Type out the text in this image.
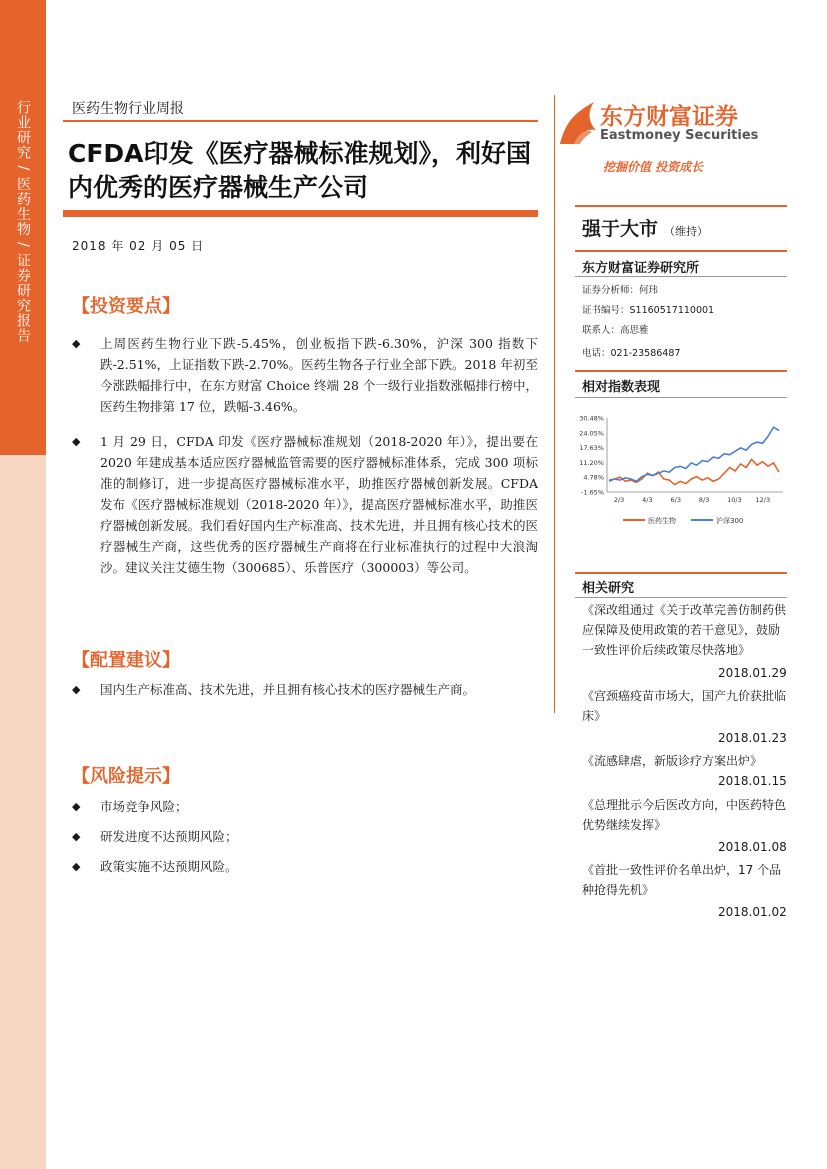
行业研究 / 医药生物 / 证券研究报告	医药生物行业周报
CFDA印发《医疗器械标准规划》，利好国内优秀的医疗器械生产公司
2018 年 02 月 05 日
东方财富证券
Eastmoney Securities
挖掘价值 投资成长
【投资要点】
◆ 上周医药生物行业下跌-5.45%，创业板指下跌-6.30%，沪深 300 指数下跌-2.51%，上证指数下跌-2.70%。医药生物各子行业全部下跌。2018 年初至今涨跌幅排行中，在东方财富 Choice 终端 28 个一级行业指数涨幅排行榜中，医药生物排第 17 位，跌幅-3.46%。
◆ 1 月 29 日，CFDA 印发《医疗器械标准规划（2018-2020 年）》，提出要在 2020 年建成基本适应医疗器械监管需要的医疗器械标准体系，完成 300 项标准的制修订，进一步提高医疗器械标准水平，助推医疗器械创新发展。CFDA 发布《医疗器械标准规划（2018-2020 年）》，提高医疗器械标准水平，助推医疗器械创新发展。我们看好国内生产标准高、技术先进，并且拥有核心技术的医疗器械生产商，这些优秀的医疗器械生产商将在行业标准执行的过程中大浪淘沙。建议关注艾德生物（300685）、乐普医疗（300003）等公司。
【配置建议】
◆ 国内生产标准高、技术先进，并且拥有核心技术的医疗器械生产商。
【风险提示】
◆ 市场竞争风险；
◆ 研发进度不达预期风险；
◆ 政策实施不达预期风险。
强于大市 （维持）
东方财富证券研究所
证券分析师：何玮
证书编号：S1160517110001
联系人：高思雅
电话：021-23586487
相对指数表现
30.48%
24.05%
17.63%
11.20%
4.78%
-1.65%
2/3	4/3	6/3	8/3	10/3 12/3
医药生物	沪深300
相关研究
《深改组通过《关于改革完善仿制药供应保障及使用政策的若干意见》，鼓励一致性评价后续政策尽快落地》
2018.01.29
《宫颈癌疫苗市场大，国产九价获批临床》
2018.01.23
《流感肆虐，新版诊疗方案出炉》
2018.01.15
《总理批示今后医改方向，中医药特色优势继续发挥》
2018.01.08
《首批一致性评价名单出炉，17 个品种抢得先机》
2018.01.02
